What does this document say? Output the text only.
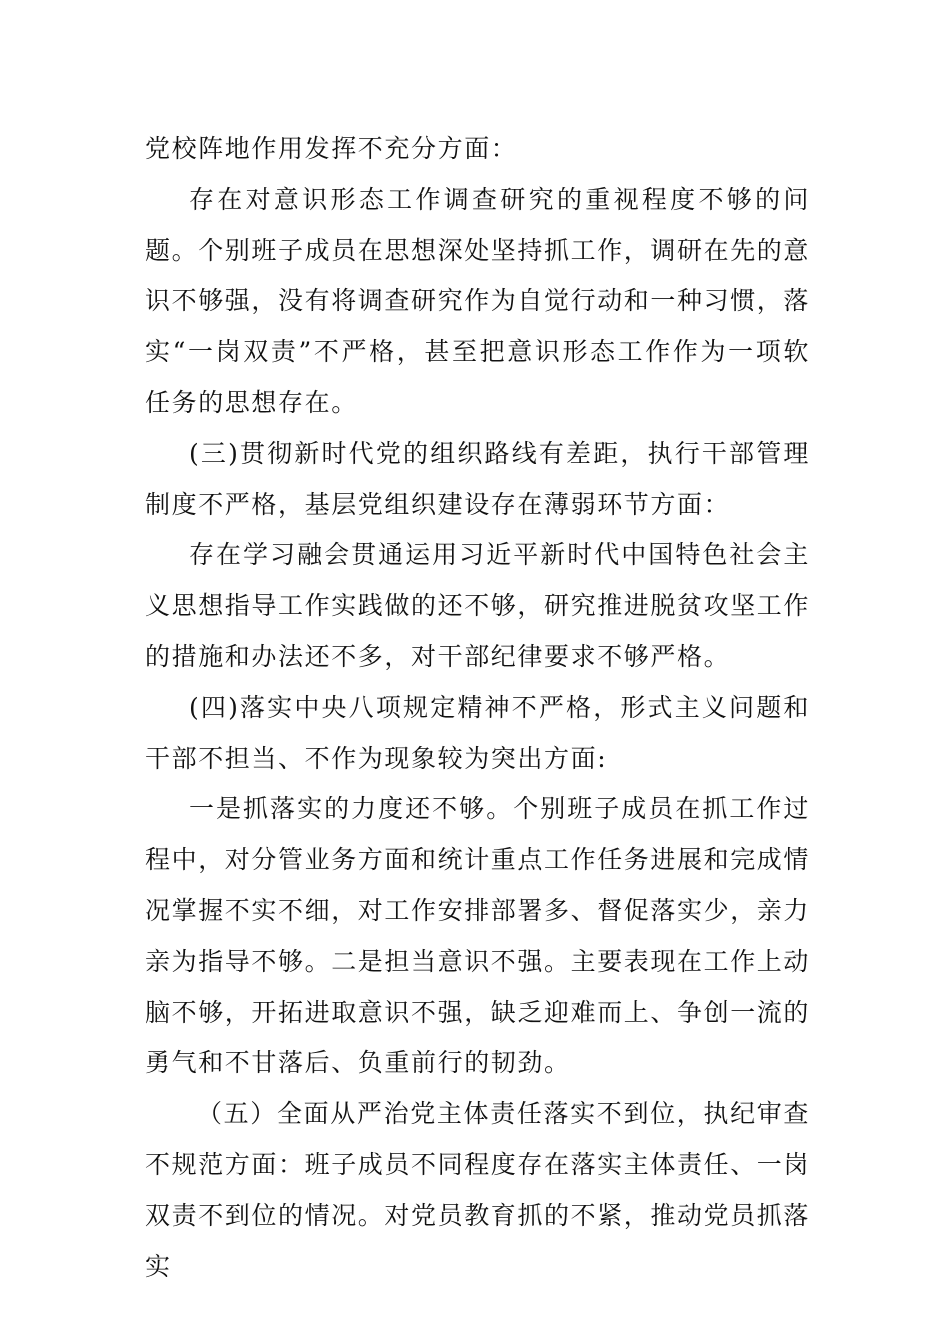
党校阵地作用发挥不充分方面：

存在对意识形态工作调查研究的重视程度不够的问题。个别班子成员在思想深处坚持抓工作，调研在先的意识不够强，没有将调查研究作为自觉行动和一种习惯，落实“一岗双责”不严格，甚至把意识形态工作作为一项软任务的思想存在。

(三)贯彻新时代党的组织路线有差距，执行干部管理制度不严格，基层党组织建设存在薄弱环节方面：

存在学习融会贯通运用习近平新时代中国特色社会主义思想指导工作实践做的还不够，研究推进脱贫攻坚工作的措施和办法还不多，对干部纪律要求不够严格。

(四)落实中央八项规定精神不严格，形式主义问题和干部不担当、不作为现象较为突出方面:

一是抓落实的力度还不够。个别班子成员在抓工作过程中，对分管业务方面和统计重点工作任务进展和完成情况掌握不实不细，对工作安排部署多、督促落实少，亲力亲为指导不够。二是担当意识不强。主要表现在工作上动脑不够，开拓进取意识不强，缺乏迎难而上、争创一流的勇气和不甘落后、负重前行的韧劲。

（五）全面从严治党主体责任落实不到位，执纪审查不规范方面：班子成员不同程度存在落实主体责任、一岗双责不到位的情况。对党员教育抓的不紧，推动党员抓落实
